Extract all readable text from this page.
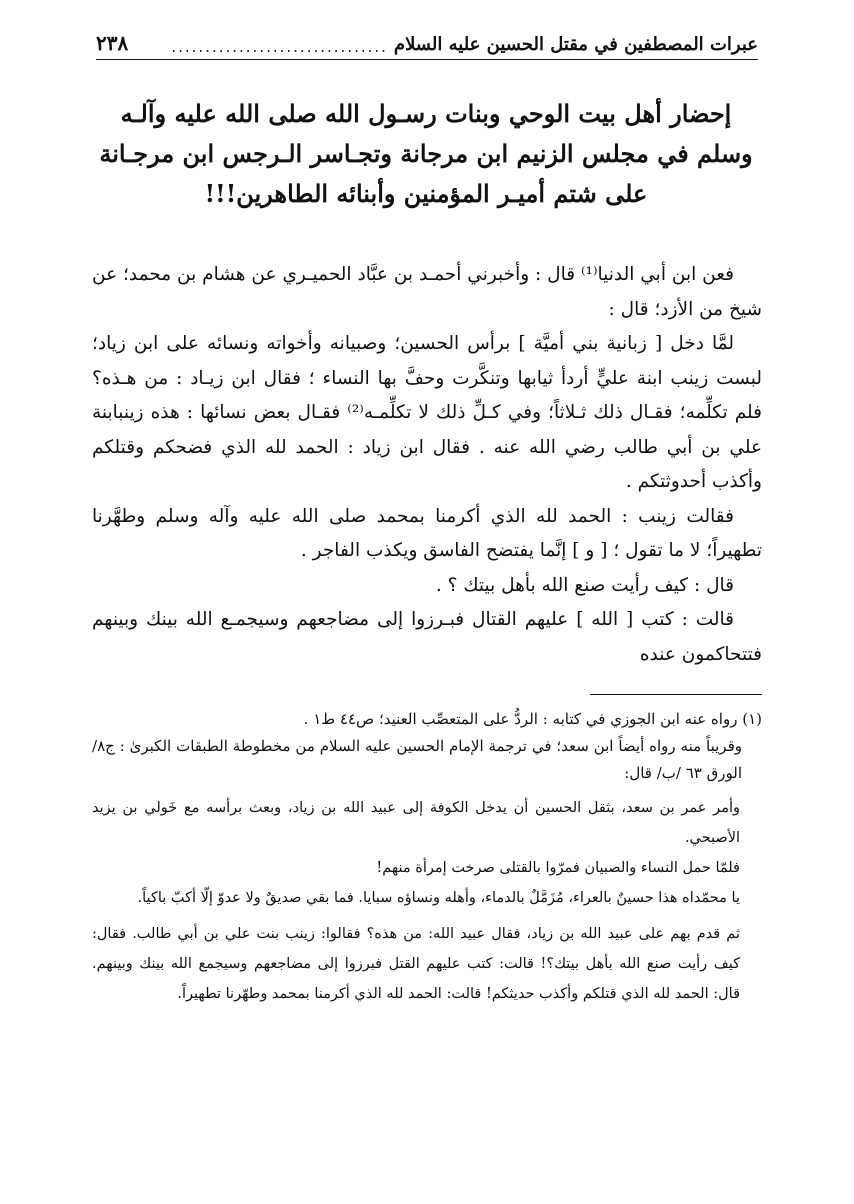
عبرات المصطفين في مقتل الحسين عليه السلام
................................
٢٣٨
إحضار أهل بيت الوحي وبنات رسـول الله صلى الله عليه وآلـه وسلم في مجلس الزنيم ابن مرجانة وتجـاسر الـرجس ابن مرجـانة على شتم أميـر المؤمنين وأبنائه الطاهرين!!!

فعن ابن أبي الدنيا⁽¹⁾ قال : وأخبرني أحمـد بن عبَّاد الحميـري عن هشام بن محمد؛ عن شيخ من الأزد؛ قال :

لمَّا دخل [ زبانية بني أميَّة ] برأس الحسين؛ وصبيانه وأخواته ونسائه على ابن زياد؛ لبست زينب ابنة عليٍّ أردأ ثيابها وتنكَّرت وحفَّ بها النساء ؛ فقال ابن زيـاد : من هـذه؟ فلم تكلِّمه؛ فقـال ذلك ثـلاثاً؛ وفي كـلِّ ذلك لا تكلِّمـه⁽²⁾ فقـال بعض نسائها : هذه زينبابنة علي بن أبي طالب رضي الله عنه . فقال ابن زياد : الحمد لله الذي فضحكم وقتلكم وأكذب أحدوثتكم .

فقالت زينب : الحمد لله الذي أكرمنا بمحمد صلى الله عليه وآله وسلم وطهَّرنا تطهيراً؛ لا ما تقول ؛ [ و ] إنَّما يفتضح الفاسق ويكذب الفاجر .

قال : كيف رأيت صنع الله بأهل بيتك ؟ .

قالت : كتب [ الله ] عليهم القتال فبـرزوا إلى مضاجعهم وسيجمـع الله بينك وبينهم فتتحاكمون عنده

(١) رواه عنه ابن الجوزي في كتابه : الردُّ على المتعصِّب العنيد؛ ص٤٤ ط١ .

وقريباً منه رواه أيضاً ابن سعد؛ في ترجمة الإمام الحسين عليه السلام من مخطوطة الطبقات الكبرىٰ : ج٨/ الورق ٦٣ /ب/ قال:

وأمر عمر بن سعد، بثقل الحسين أن يدخل الكوفة إلى عبيد الله بن زياد، وبعث برأسه مع خَولي بن يزيد الأصبحي.

فلمّا حمل النساء والصبيان فمرّوا بالقتلى صرخت إمرأة منهم!

يا محمّداه هذا حسينٌ بالعراء، مُزَمَّلٌ بالدماء، وأهله ونساؤه سبايا. فما بقي صديقٌ ولا عدوّ إلّا أكبّ باكياً.

ثم قدم بهم على عبيد الله بن زياد، فقال عبيد الله: من هذه؟ فقالوا: زينب بنت علي بن أبي طالب. فقال: كيف رأيت صنع الله بأهل بيتك؟! قالت: كتب عليهم القتل فبرزوا إلى مضاجعهم وسيجمع الله بينك وبينهم. قال: الحمد لله الذي قتلكم وأكذب حديثكم! قالت: الحمد لله الذي أكرمنا بمحمد وطهّرنا تطهيراً.
